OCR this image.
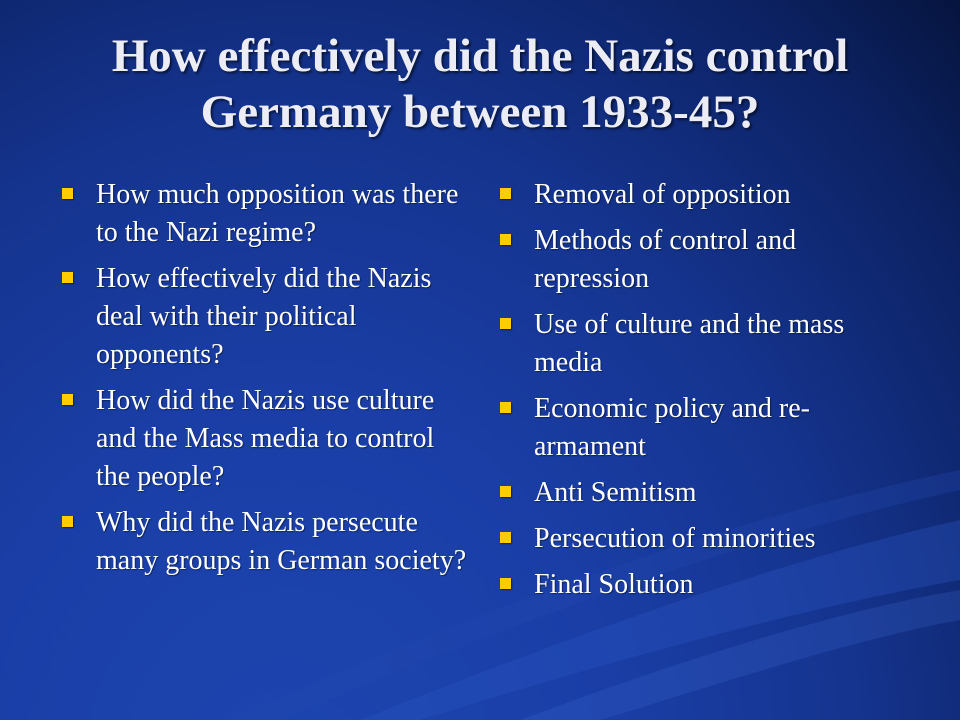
How effectively did the Nazis control Germany between 1933-45?
How much opposition was there to the Nazi regime?
How effectively did the Nazis deal with their political opponents?
How did the Nazis use culture and the Mass media to control the people?
Why did the Nazis persecute many groups in German society?
Removal of opposition
Methods of control and repression
Use of culture and the mass media
Economic policy and re-armament
Anti Semitism
Persecution of minorities
Final Solution
